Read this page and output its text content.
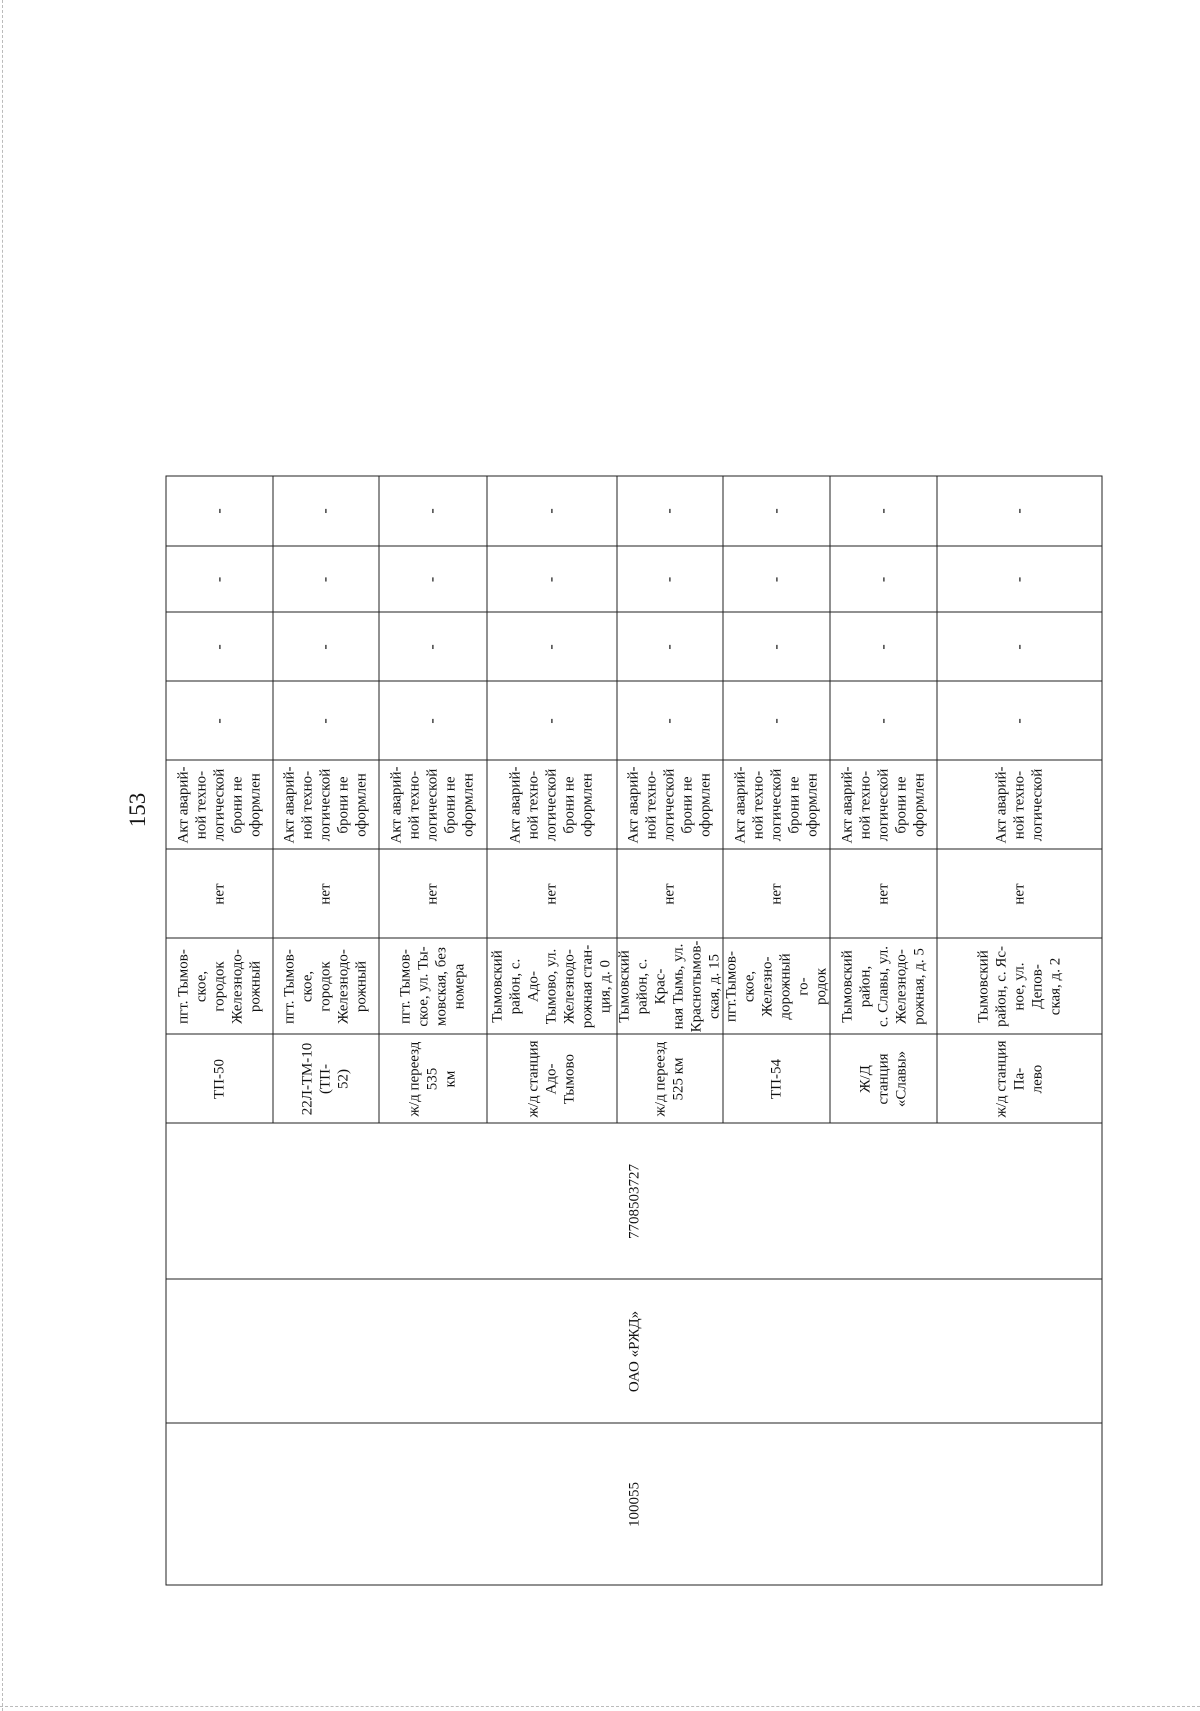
153
100055
ОАО «РЖД»
7708503727
ТП-50
пгт. Тымов-
ское, городок
Железнодо-
рожный
нет
Акт аварий-
ной техно-
логической
брони не
оформлен
-
-
-
-
22Л-ТМ-10 (ТП-
52)
пгт. Тымов-
ское, городок
Железнодо-
рожный
нет
Акт аварий-
ной техно-
логической
брони не
оформлен
-
-
-
-
ж/д переезд 535
км
пгт. Тымов-
ское, ул. Ты-
мовская, без
номера
нет
Акт аварий-
ной техно-
логической
брони не
оформлен
-
-
-
-
ж/д станция
Адо-Тымово
Тымовский
район, с. Адо-
Тымово, ул.
Железнодо-
рожная стан-
ция, д. 0
нет
Акт аварий-
ной техно-
логической
брони не
оформлен
-
-
-
-
ж/д переезд
525 км
Тымовский
район, с. Крас-
ная Тымь, ул.
Краснотымов-
ская, д. 15
нет
Акт аварий-
ной техно-
логической
брони не
оформлен
-
-
-
-
ТП-54
пгт.Тымов-
ское, Железно-
дорожный го-
родок
нет
Акт аварий-
ной техно-
логической
брони не
оформлен
-
-
-
-
Ж/Д станция
«Славы»
Тымовский
район,
с. Славы, ул.
Железнодо-
рожная, д. 5
нет
Акт аварий-
ной техно-
логической
брони не
оформлен
-
-
-
-
ж/д станция Па-
лево
Тымовский
район, с. Яс-
ное, ул. Депов-
ская, д. 2
нет
Акт аварий-
ной техно-
логической
-
-
-
-
